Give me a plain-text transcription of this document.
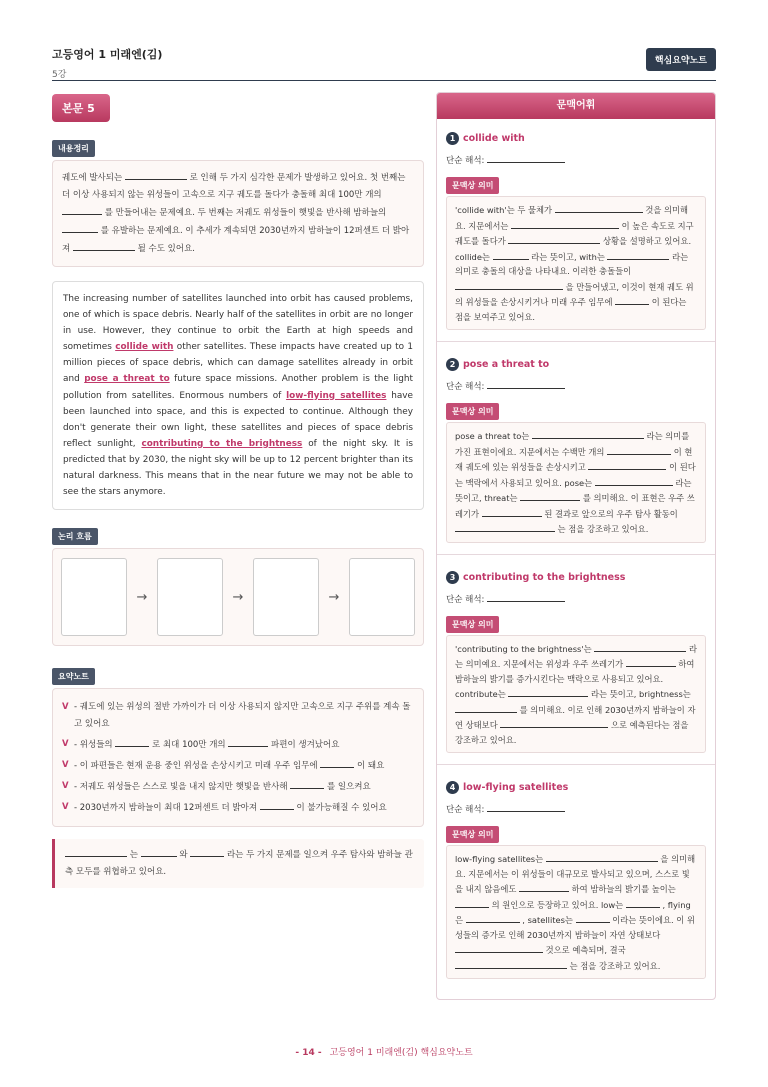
고등영어 1 미래엔(김)
5강
핵심요약노트
본문 5
내용정리
궤도에 발사되는	로 인해 두 가지 심각한 문제가 발생하고 있어요. 첫 번째는 더 이상 사용되지 않는 위성들이 고속으로 지구 궤도를 돌다가 충돌해 최대 100만 개의  를 만들어내는 문제예요. 두 번째는 저궤도 위성들이 햇빛을 반사해 밤하늘의  를 유발하는 문제예요. 이 추세가 계속되면 2030년까지 밤하늘이 12퍼센트 더 밝아져	될 수도 있어요.
The increasing number of satellites launched into orbit has caused problems, one of which is space debris. Nearly half of the satellites in orbit are no longer in use. However, they continue to orbit the Earth at high speeds and sometimes collide with other satellites. These impacts have created up to 1 million pieces of space debris, which can damage satellites already in orbit and pose a threat to future space missions. Another problem is the light pollution from satellites. Enormous numbers of low-flying satellites have been launched into space, and this is expected to continue. Although they don't generate their own light, these satellites and pieces of space debris reflect sunlight, contributing to the brightness of the night sky. It is predicted that by 2030, the night sky will be up to 12 percent brighter than its natural darkness. This means that in the near future we may not be able to see the stars anymore.
논리 흐름
→	→	→
요약노트
V - 궤도에 있는 위성의 절반 가까이가 더 이상 사용되지 않지만 고속으로 지구 주위를 계속 돌고 있어요
V - 위성들의	로 최대 100만 개의	파편이 생겨났어요
V - 이 파편들은 현재 운용 중인 위성을 손상시키고 미래 우주 임무에	이 돼요
V - 저궤도 위성들은 스스로 빛을 내지 않지만 햇빛을 반사해	를 일으켜요
V - 2030년까지 밤하늘이 최대 12퍼센트 더 밝아져	이 불가능해질 수 있어요
는	와	라는 두 가지 문제를 일으켜 우주 탐사와 밤하늘 관측 모두를 위협하고 있어요.
문맥어휘
1 collide with
단순 해석:
문맥상 의미
'collide with'는 두 물체가	것을 의미해요. 지문에서는	이 높은 속도로 지구 궤도를 돌다가	상황을 설명하고 있어요. collide는	라는 뜻이고, with는	라는 의미로 충돌의 대상을 나타내요. 이러한 충돌들이  을 만들어냈고, 이것이 현재 궤도 위의 위성들을 손상시키거나 미래 우주 임무에	이 된다는 점을 보여주고 있어요.
2 pose a threat to
단순 해석:
문맥상 의미
pose a threat to는	라는 의미를 가진 표현이에요. 지문에서는 수백만 개의	이 현재 궤도에 있는 위성들을 손상시키고	이 된다는 맥락에서 사용되고 있어요. pose는	라는 뜻이고, threat는	를 의미해요. 이 표현은 우주 쓰레기가	된 결과로 앞으로의 우주 탐사 활동이  는 점을 강조하고 있어요.
3 contributing to the brightness
단순 해석:
문맥상 의미
'contributing to the brightness'는	라는 의미예요. 지문에서는 위성과 우주 쓰레기가	하여 밤하늘의 밝기를 증가시킨다는 맥락으로 사용되고 있어요. contribute는	라는 뜻이고, brightness는  를 의미해요. 이로 인해 2030년까지 밤하늘이 자연 상태보다	으로 예측된다는 점을 강조하고 있어요.
4 low-flying satellites
단순 해석:
문맥상 의미
low-flying satellites는	을 의미해요. 지문에서는 이 위성들이 대규모로 발사되고 있으며, 스스로 빛을 내지 않음에도	하여 밤하늘의 밝기를 높이는  의 원인으로 등장하고 있어요. low는	, flying은	, satellites는	이라는 뜻이에요. 이 위성들의 증가로 인해 2030년까지 밤하늘이 자연 상태보다  것으로 예측되며, 결국  는 점을 강조하고 있어요.
- 14 - 고등영어 1 미래엔(김) 핵심요약노트
